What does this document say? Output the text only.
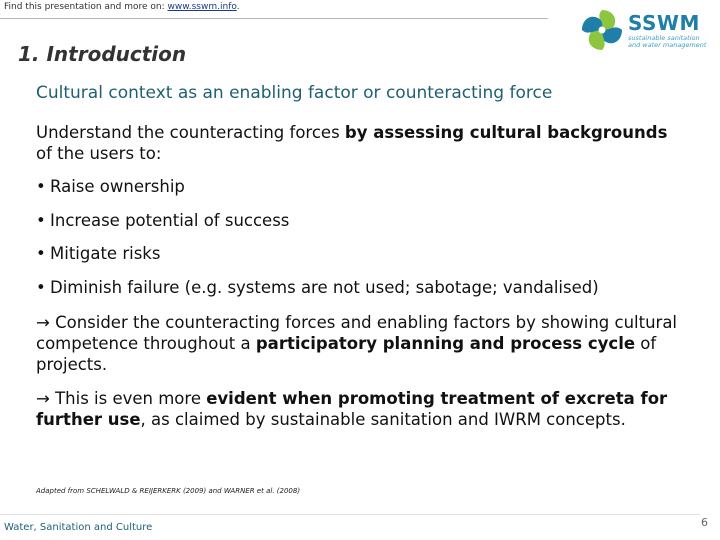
Find this presentation and more on: www.sswm.info.
SSWM
sustainable sanitation
and water management
1. Introduction
Cultural context as an enabling factor or counteracting force
Understand the counteracting forces by assessing cultural backgrounds of the users to:
• Raise ownership
• Increase potential of success
• Mitigate risks
• Diminish failure (e.g. systems are not used; sabotage; vandalised)
→ Consider the counteracting forces and enabling factors by showing cultural competence throughout a participatory planning and process cycle of projects.
→ This is even more evident when promoting treatment of excreta for further use, as claimed by sustainable sanitation and IWRM concepts.
Adapted from SCHELWALD & REIJERKERK (2009) and WARNER et al. (2008)
Water, Sanitation and Culture	6
